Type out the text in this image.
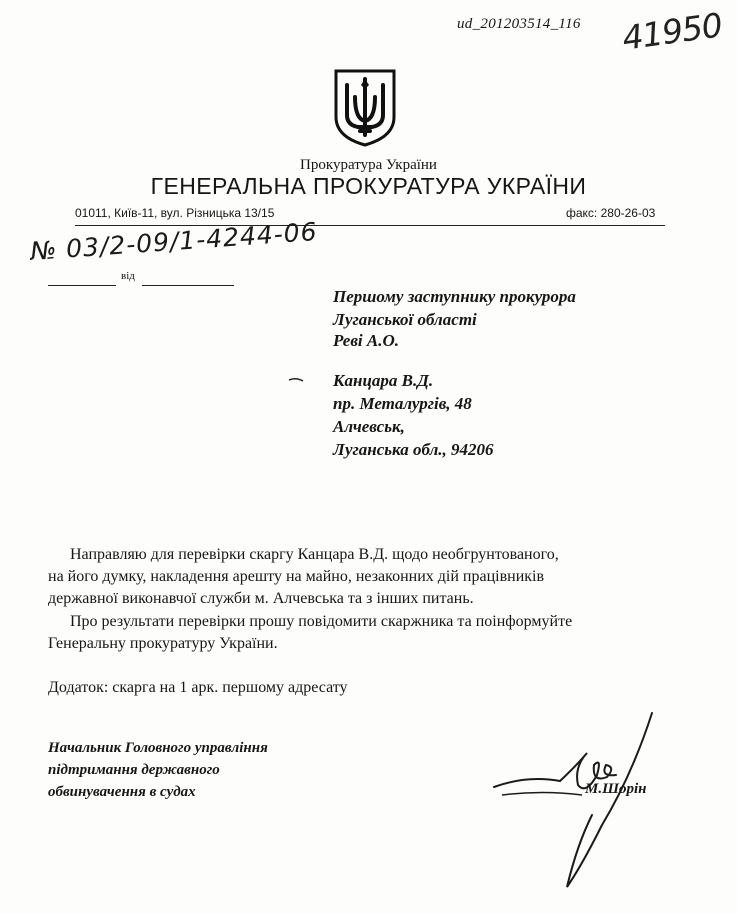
ud_201203514_116 41950
Прокуратура України
ГЕНЕРАЛЬНА ПРОКУРАТУРА УКРАЇНИ
01011, Київ-11, вул. Різницька 13/15	факс: 280-26-03
№ 03/2-09/1-4244-06
від
Першому заступнику прокурора
Луганської області
Реві А.О.
Канцара В.Д.
пр. Металургів, 48
Алчевськ,
Луганська обл., 94206
Направляю для перевірки скаргу Канцара В.Д. щодо необгрунтованого,
на його думку, накладення арешту на майно, незаконних дій працівників
державної виконавчої служби м. Алчевська та з інших питань.
Про результати перевірки прошу повідомити скаржника та поінформуйте
Генеральну прокуратуру України.
Додаток: скарга на 1 арк. першому адресату
Начальник Головного управління
підтримання державного
обвинувачення в судах	М.Шорін
